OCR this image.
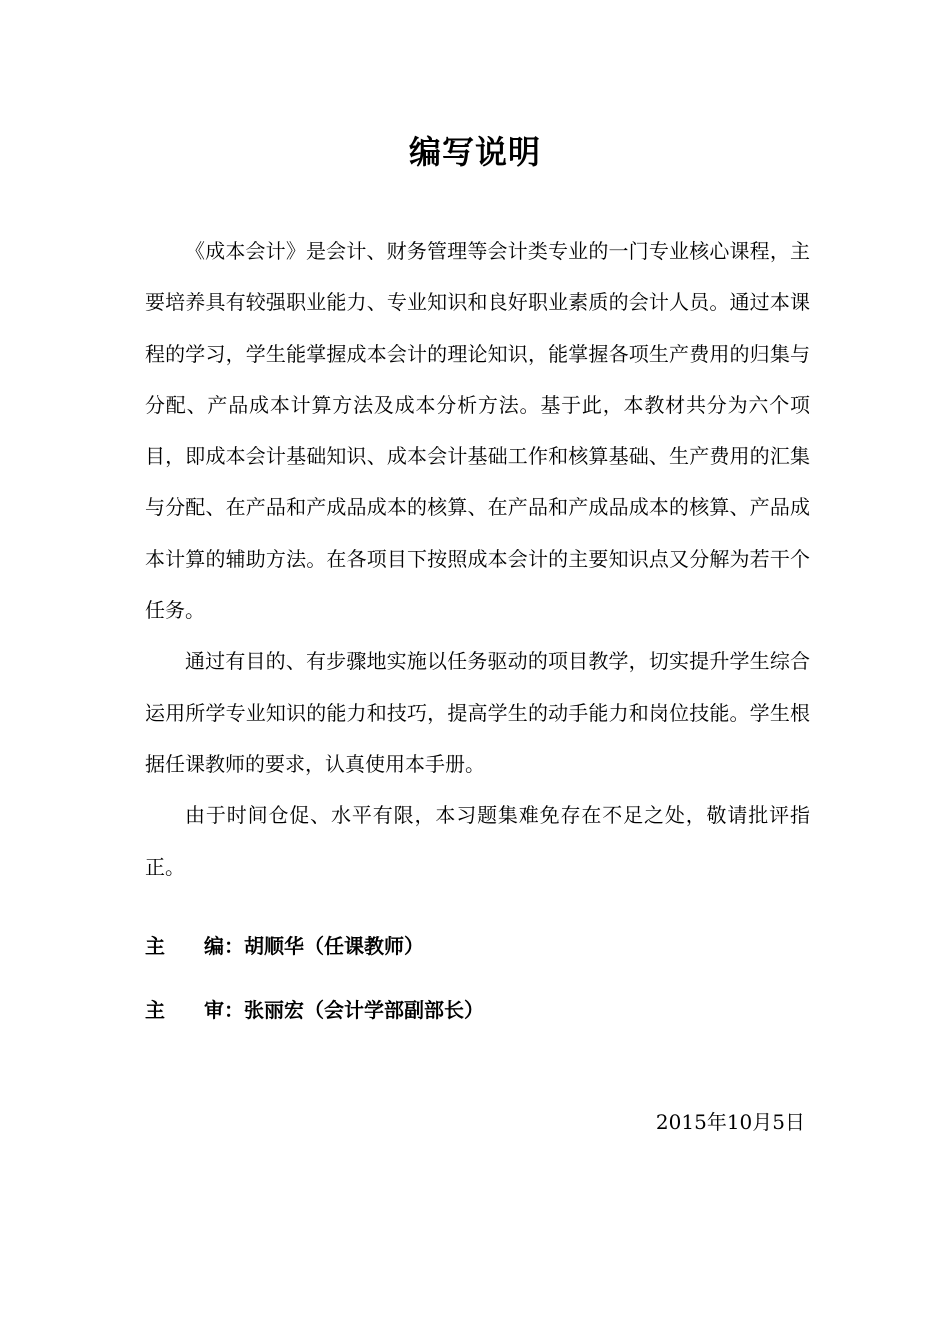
编写说明

《成本会计》是会计、财务管理等会计类专业的一门专业核心课程，主要培养具有较强职业能力、专业知识和良好职业素质的会计人员。通过本课程的学习，学生能掌握成本会计的理论知识，能掌握各项生产费用的归集与分配、产品成本计算方法及成本分析方法。基于此，本教材共分为六个项目，即成本会计基础知识、成本会计基础工作和核算基础、生产费用的汇集与分配、在产品和产成品成本的核算、在产品和产成品成本的核算、产品成本计算的辅助方法。在各项目下按照成本会计的主要知识点又分解为若干个任务。

通过有目的、有步骤地实施以任务驱动的项目教学，切实提升学生综合运用所学专业知识的能力和技巧，提高学生的动手能力和岗位技能。学生根据任课教师的要求，认真使用本手册。

由于时间仓促、水平有限，本习题集难免存在不足之处，敬请批评指正。

主 编：胡顺华（任课教师）
主 审：张丽宏（会计学部副部长）
2015年10月5日
